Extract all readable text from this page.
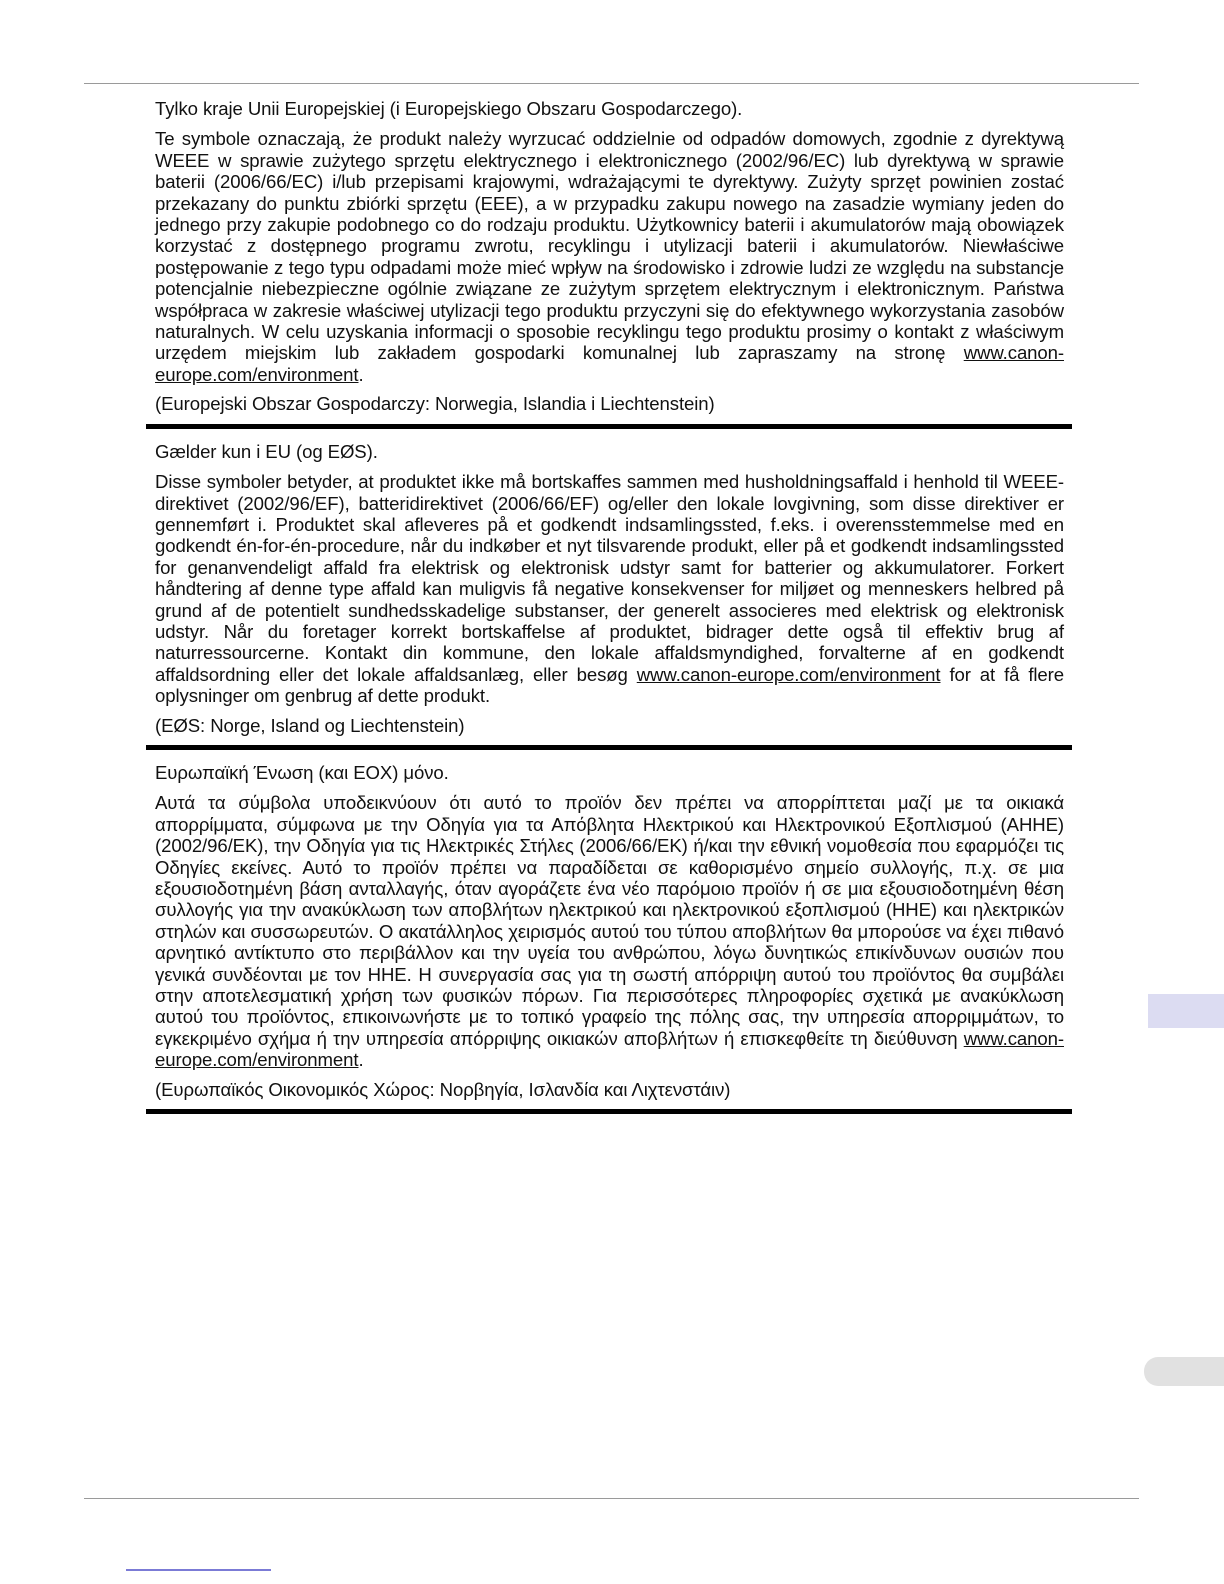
Tylko kraje Unii Europejskiej (i Europejskiego Obszaru Gospodarczego).

Te symbole oznaczają, że produkt należy wyrzucać oddzielnie od odpadów domowych, zgodnie z dyrektywą WEEE w sprawie zużytego sprzętu elektrycznego i elektronicznego (2002/96/EC) lub dyrektywą w sprawie baterii (2006/66/EC) i/lub przepisami krajowymi, wdrażającymi te dyrektywy. Zużyty sprzęt powinien zostać przekazany do punktu zbiórki sprzętu (EEE), a w przypadku zakupu nowego na zasadzie wymiany jeden do jednego przy zakupie podobnego co do rodzaju produktu. Użytkownicy baterii i akumulatorów mają obowiązek korzystać z dostępnego programu zwrotu, recyklingu i utylizacji baterii i akumulatorów. Niewłaściwe postępowanie z tego typu odpadami może mieć wpływ na środowisko i zdrowie ludzi ze względu na substancje potencjalnie niebezpieczne ogólnie związane ze zużytym sprzętem elektrycznym i elektronicznym. Państwa współpraca w zakresie właściwej utylizacji tego produktu przyczyni się do efektywnego wykorzystania zasobów naturalnych. W celu uzyskania informacji o sposobie recyklingu tego produktu prosimy o kontakt z właściwym urzędem miejskim lub zakładem gospodarki komunalnej lub zapraszamy na stronę www.canon-europe.com/environment.

(Europejski Obszar Gospodarczy: Norwegia, Islandia i Liechtenstein)

Gælder kun i EU (og EØS).

Disse symboler betyder, at produktet ikke må bortskaffes sammen med husholdningsaffald i henhold til WEEE-direktivet (2002/96/EF), batteridirektivet (2006/66/EF) og/eller den lokale lovgivning, som disse direktiver er gennemført i. Produktet skal afleveres på et godkendt indsamlingssted, f.eks. i overensstemmelse med en godkendt én-for-én-procedure, når du indkøber et nyt tilsvarende produkt, eller på et godkendt indsamlingssted for genanvendeligt affald fra elektrisk og elektronisk udstyr samt for batterier og akkumulatorer. Forkert håndtering af denne type affald kan muligvis få negative konsekvenser for miljøet og menneskers helbred på grund af de potentielt sundhedsskadelige substanser, der generelt associeres med elektrisk og elektronisk udstyr. Når du foretager korrekt bortskaffelse af produktet, bidrager dette også til effektiv brug af naturressourcerne. Kontakt din kommune, den lokale affaldsmyndighed, forvalterne af en godkendt affaldsordning eller det lokale affaldsanlæg, eller besøg www.canon-europe.com/environment for at få flere oplysninger om genbrug af dette produkt.

(EØS: Norge, Island og Liechtenstein)

Ευρωπαϊκή Ένωση (και ΕΟΧ) μόνο.

Αυτά τα σύμβολα υποδεικνύουν ότι αυτό το προϊόν δεν πρέπει να απορρίπτεται μαζί με τα οικιακά απορρίμματα, σύμφωνα με την Οδηγία για τα Απόβλητα Ηλεκτρικού και Ηλεκτρονικού Εξοπλισμού (ΑΗΗΕ) (2002/96/ΕΚ), την Οδηγία για τις Ηλεκτρικές Στήλες (2006/66/ΕΚ) ή/και την εθνική νομοθεσία που εφαρμόζει τις Οδηγίες εκείνες. Αυτό το προϊόν πρέπει να παραδίδεται σε καθορισμένο σημείο συλλογής, π.χ. σε μια εξουσιοδοτημένη βάση ανταλλαγής, όταν αγοράζετε ένα νέο παρόμοιο προϊόν ή σε μια εξουσιοδοτημένη θέση συλλογής για την ανακύκλωση των αποβλήτων ηλεκτρικού και ηλεκτρονικού εξοπλισμού (ΗΗΕ) και ηλεκτρικών στηλών και συσσωρευτών. Ο ακατάλληλος χειρισμός αυτού του τύπου αποβλήτων θα μπορούσε να έχει πιθανό αρνητικό αντίκτυπο στο περιβάλλον και την υγεία του ανθρώπου, λόγω δυνητικώς επικίνδυνων ουσιών που γενικά συνδέονται με τον ΗΗΕ. Η συνεργασία σας για τη σωστή απόρριψη αυτού του προϊόντος θα συμβάλει στην αποτελεσματική χρήση των φυσικών πόρων. Για περισσότερες πληροφορίες σχετικά με ανακύκλωση αυτού του προϊόντος, επικοινωνήστε με το τοπικό γραφείο της πόλης σας, την υπηρεσία απορριμμάτων, το εγκεκριμένο σχήμα ή την υπηρεσία απόρριψης οικιακών αποβλήτων ή επισκεφθείτε τη διεύθυνση www.canon-europe.com/environment.

(Ευρωπαϊκός Οικονομικός Χώρος: Νορβηγία, Ισλανδία και Λιχτενστάιν)
